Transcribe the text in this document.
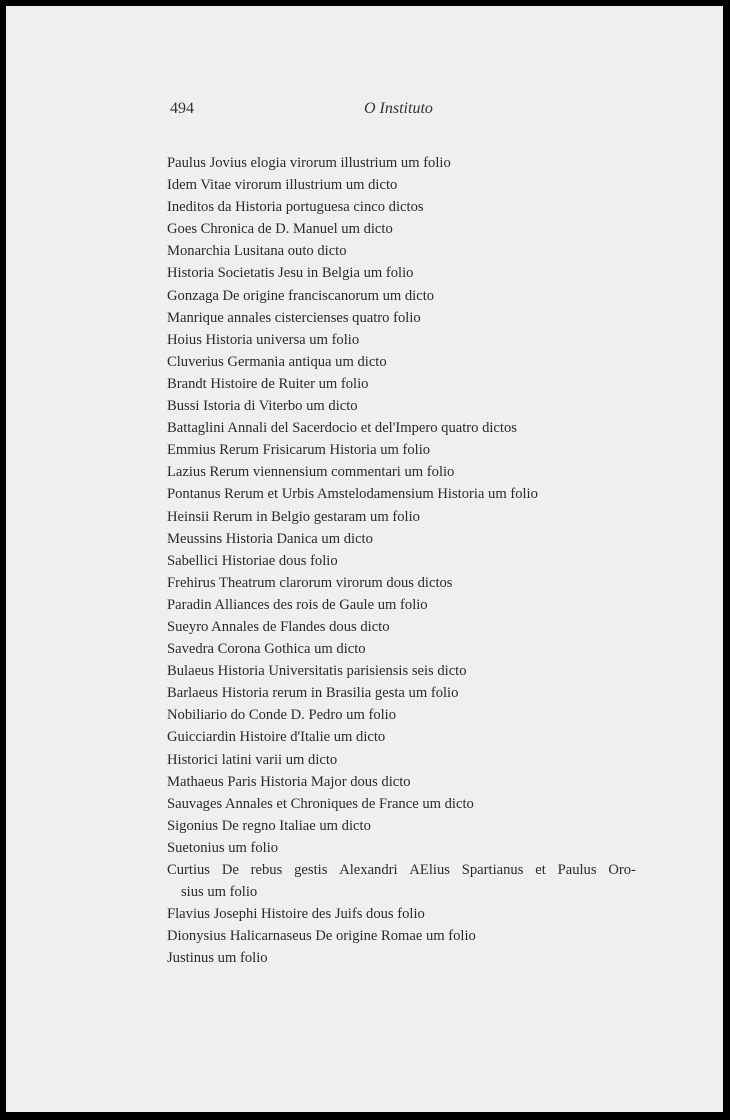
494	O Instituto
Paulus Jovius elogia virorum illustrium um folio
Idem Vitae virorum illustrium um dicto
Ineditos da Historia portuguesa cinco dictos
Goes Chronica de D. Manuel um dicto
Monarchia Lusitana outo dicto
Historia Societatis Jesu in Belgia um folio
Gonzaga De origine franciscanorum um dicto
Manrique annales cistercienses quatro folio
Hoius Historia universa um folio
Cluverius Germania antiqua um dicto
Brandt Histoire de Ruiter um folio
Bussi Istoria di Viterbo um dicto
Battaglini Annali del Sacerdocio et del'Impero quatro dictos
Emmius Rerum Frisicarum Historia um folio
Lazius Rerum viennensium commentari um folio
Pontanus Rerum et Urbis Amstelodamensium Historia um folio
Heinsii Rerum in Belgio gestaram um folio
Meussins Historia Danica um dicto
Sabellici Historiae dous folio
Frehirus Theatrum clarorum virorum dous dictos
Paradin Alliances des rois de Gaule um folio
Sueyro Annales de Flandes dous dicto
Savedra Corona Gothica um dicto
Bulaeus Historia Universitatis parisiensis seis dicto
Barlaeus Historia rerum in Brasilia gesta um folio
Nobiliario do Conde D. Pedro um folio
Guicciardin Histoire d'Italie um dicto
Historici latini varii um dicto
Mathaeus Paris Historia Major dous dicto
Sauvages Annales et Chroniques de France um dicto
Sigonius De regno Italiae um dicto
Suetonius um folio
Curtius De rebus gestis Alexandri AElius Spartianus et Paulus Oro-
sius um folio
Flavius Josephi Histoire des Juifs dous folio
Dionysius Halicarnaseus De origine Romae um folio
Justinus um folio
